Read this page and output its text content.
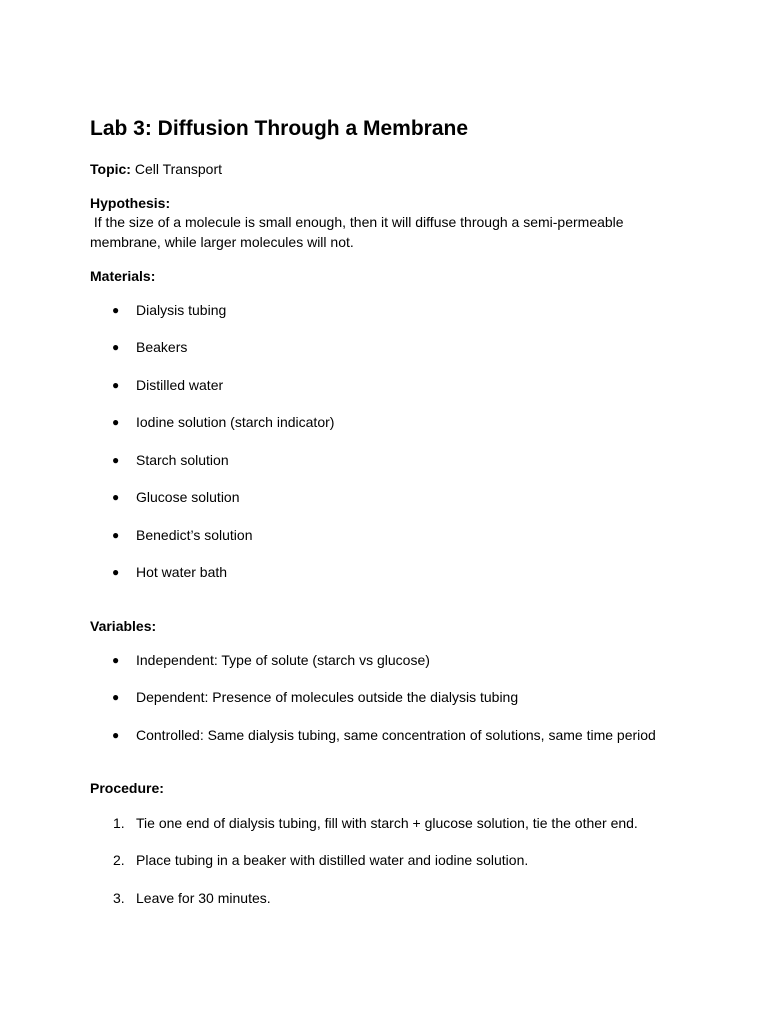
Lab 3: Diffusion Through a Membrane

Topic: Cell Transport

Hypothesis:

If the size of a molecule is small enough, then it will diffuse through a semi-permeable

membrane, while larger molecules will not.

Materials:

● Dialysis tubing
● Beakers
● Distilled water
● Iodine solution (starch indicator)
● Starch solution
● Glucose solution
● Benedict’s solution
● Hot water bath

Variables:

● Independent: Type of solute (starch vs glucose)
● Dependent: Presence of molecules outside the dialysis tubing
● Controlled: Same dialysis tubing, same concentration of solutions, same time period

Procedure:

1. Tie one end of dialysis tubing, fill with starch + glucose solution, tie the other end.
2. Place tubing in a beaker with distilled water and iodine solution.
3. Leave for 30 minutes.
